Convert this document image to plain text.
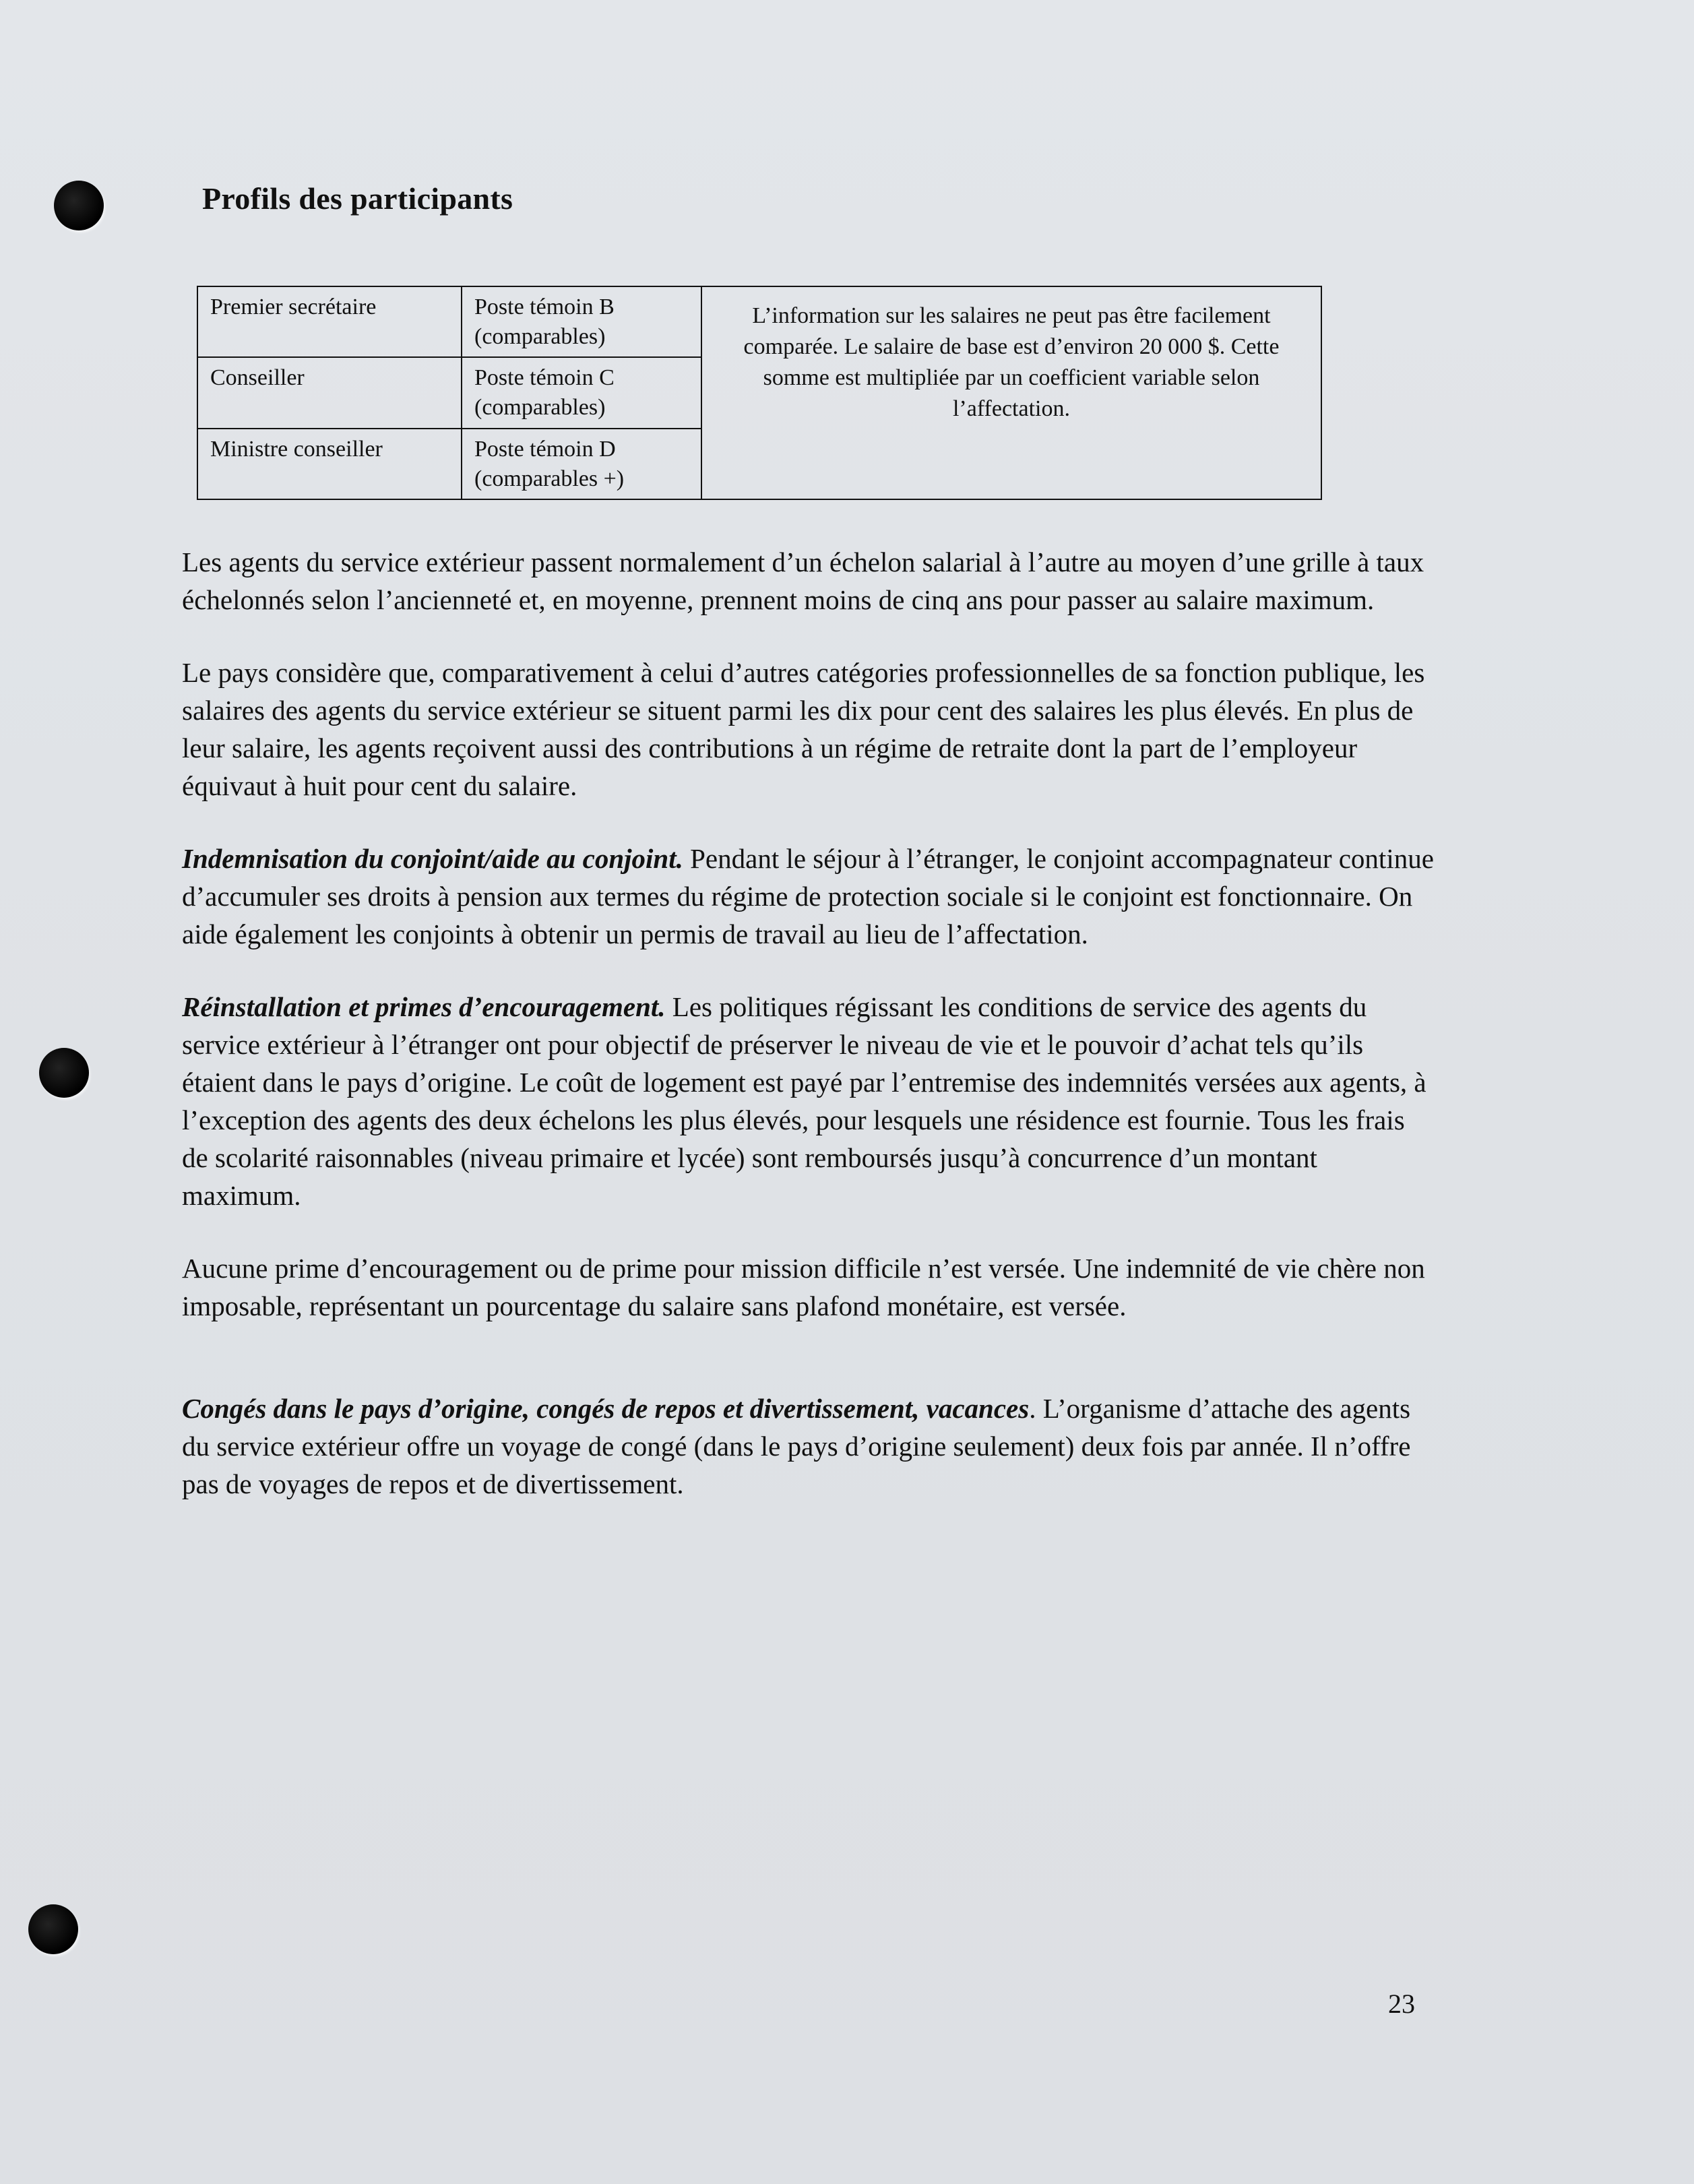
Profils des participants
Premier secrétaire	Poste témoin B (comparables)	L’information sur les salaires ne peut pas être facilement comparée. Le salaire de base est d’environ 20 000 $. Cette somme est multipliée par un coefficient variable selon l’affectation.
Conseiller	Poste témoin C (comparables)	
Ministre conseiller	Poste témoin D (comparables +)	

Les agents du service extérieur passent normalement d’un échelon salarial à l’autre au moyen d’une grille à taux échelonnés selon l’ancienneté et, en moyenne, prennent moins de cinq ans pour passer au salaire maximum.

Le pays considère que, comparativement à celui d’autres catégories professionnelles de sa fonction publique, les salaires des agents du service extérieur se situent parmi les dix pour cent des salaires les plus élevés. En plus de leur salaire, les agents reçoivent aussi des contributions à un régime de retraite dont la part de l’employeur équivaut à huit pour cent du salaire.

Indemnisation du conjoint/aide au conjoint. Pendant le séjour à l’étranger, le conjoint accompagnateur continue d’accumuler ses droits à pension aux termes du régime de protection sociale si le conjoint est fonctionnaire. On aide également les conjoints à obtenir un permis de travail au lieu de l’affectation.

Réinstallation et primes d’encouragement. Les politiques régissant les conditions de service des agents du service extérieur à l’étranger ont pour objectif de préserver le niveau de vie et le pouvoir d’achat tels qu’ils étaient dans le pays d’origine. Le coût de logement est payé par l’entremise des indemnités versées aux agents, à l’exception des agents des deux échelons les plus élevés, pour lesquels une résidence est fournie. Tous les frais de scolarité raisonnables (niveau primaire et lycée) sont remboursés jusqu’à concurrence d’un montant maximum.

Aucune prime d’encouragement ou de prime pour mission difficile n’est versée. Une indemnité de vie chère non imposable, représentant un pourcentage du salaire sans plafond monétaire, est versée.

Congés dans le pays d’origine, congés de repos et divertissement, vacances. L’organisme d’attache des agents du service extérieur offre un voyage de congé (dans le pays d’origine seulement) deux fois par année. Il n’offre pas de voyages de repos et de divertissement.

23
